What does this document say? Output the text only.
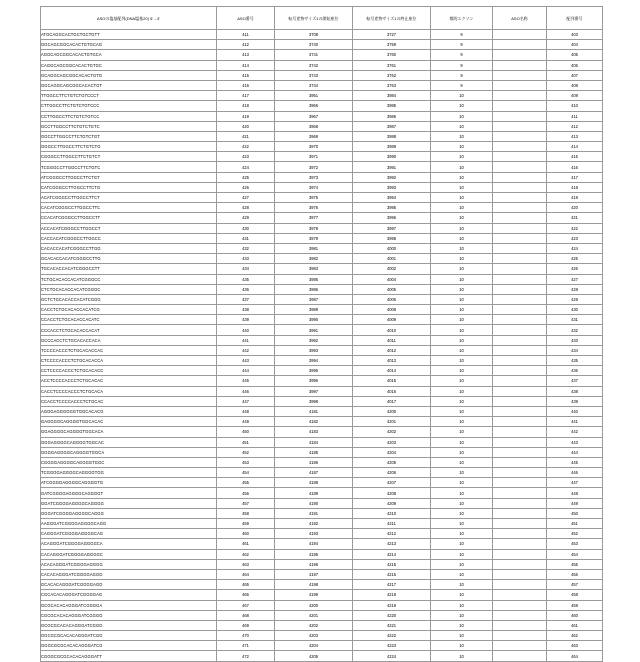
ASOの塩基配列(DNA塩基20) 5'→3'	ASO番号	転写産物サイズ1の開始座位	転写産物サイズ1の終止座位	標的エクソン	ASO名称	配列番号
ATGCAGGCACTGCTGCTGTT	411	3708	3727	9		403
GGCAGCGGCACACTGTGCAG	412	3740	3759	9		404
AGGCAGCGGCACACTGTGCA	413	3741	3760	9		405
CAGGCAGCGGCACACTGTGC	414	3742	3761	9		406
GCAGGCAGCGGCACACTGTG	415	3743	3762	9		407
GGCAGGCAGCGGCACACTGT	416	3744	3763	9		408
TTGGCCTTCTGTCTGTCCCT	417	3951	3984	10		409
CTTGGCCTTCTGTCTGTCCC	418	3966	3985	10		410
CCTTGGCCTTCTGTCTGTCC	419	3967	3986	10		411
GCCTTGGCCTTCTGTCTGTC	420	3968	3987	10		412
GGCCTTGGCCTTCTGTCTGT	421	3969	3988	10		413
GGGCCTTGGCCTTCTGTCTG	422	3970	3989	10		414
CGGGCCTTGGCCTTCTGTCT	423	3971	3990	10		415
TCGGGCCTTGGCCTTCTGTC	424	3972	3991	10		416
ATCGGGCCTTGGCCTTCTGT	425	3973	3992	10		417
CATCGGGCCTTGGCCTTCTG	426	3974	3993	10		418
ACATCGGGCCTTGGCCTTCT	427	3975	3994	10		419
CACATCGGGCCTTGGCCTTC	428	3976	3995	10		420
CCACATCGGGCCTTGGCCTT	429	3977	3996	10		421
ACCACATCGGGCCTTGGCCT	430	3978	3997	10		422
CACCACATCGGGCCTTGGCC	431	3979	3998	10		423
CACACCACATCGGGCCTTGG	432	3981	4000	10		424
GCACACCACATCGGGCCTTG	433	3982	4001	10		425
TGCACACCACATCGGGCCTT	434	3983	4002	10		426
TCTGCACACCACATCGGGCC	435	3985	4004	10		427
CTCTGCACACCACATCGGGC	436	3986	4005	10		428
GCTCTGCACACCACATCGGG	437	3987	4006	10		429
CACCTCTGCACACCACATCG	438	3989	4008	10		430
CCACCTCTGCACACCACATC	439	3990	4009	10		431
CCCACCTCTGCACACCACAT	440	3991	4010	10		432
GCCCACCTCTGCACACCACA	441	3992	4011	10		433
TCCCCACCCTCTGCACACCAC	442	3993	4012	10		434
CTCCCCACCCTCTGCACACCA	443	3994	4013	10		435
CCTCCCCACCCTCTGCACACC	444	3995	4014	10		436
ACCTCCCCACCCTCTGCACAC	445	3996	4015	10		437
CACCTCCCCACCCTCTGCACA	446	3997	4016	10		438
CCACCTCCCCACCCTCTGCAC	447	3998	4017	10		439
AGGGAGGGGGGTGGCACACG	448	4181	4200	10		440
GAGGGGCAGGGGTGGCACAC	449	4182	4201	10		441
GGAGGGGCAGGGGTGGCACA	450	4183	4202	10		442
GGGAGGGGCAGGGGTGGCAC	451	4184	4203	10		443
GGGGAGGGGCAGGGGTGGCA	452	4185	4204	10		444
CGGGGAGGGGCAGGGGTGGC	453	4186	4205	10		445
TCGGGGAGGGGCAGGGGTGG	454	4187	4206	10		446
ATCGGGGAGGGGCAGGGGTG	455	4188	4207	10		447
GATCGGGGAGGGGCAGGGGT	456	4189	4208	10		448
GGATCGGGGAGGGGCAGGGG	457	4190	4209	10		449
GGGATCGGGGAGGGGCAGGG	458	4191	4210	10		450
AAGGGATCGGGGAGGGGCAGG	459	4192	4211	10		451
CAGGGATCGGGGAGGGGCAG	460	4193	4212	10		452
ACAGGGATCGGGGAGGGGCA	461	4194	4213	10		453
CACAGGGATCGGGGAGGGGC	462	4195	4214	10		454
ACACAGGGATCGGGGAGGGG	463	4196	4215	10		455
CACACAGGGATCGGGGAGGG	464	4197	4216	10		456
GCACACAGGGATCGGGGAGG	465	4198	4217	10		457
CGCACACAGGGATCGGGGAG	466	4199	4218	10		458
GCGCACACAGGGATCGGGGA	467	4200	4219	10		459
CGCGCACACAGGGATCGGGG	468	4201	4220	10		460
GCGCGCACACAGGGATCGGG	469	4202	4221	10		461
GGCGCGCACACAGGGATCGG	470	4203	4222	10		462
GGGCGCGCACACAGGGATCG	471	4204	4223	10		463
CGGGCGCGCACACAGGGATT	472	4205	4224	10		464
